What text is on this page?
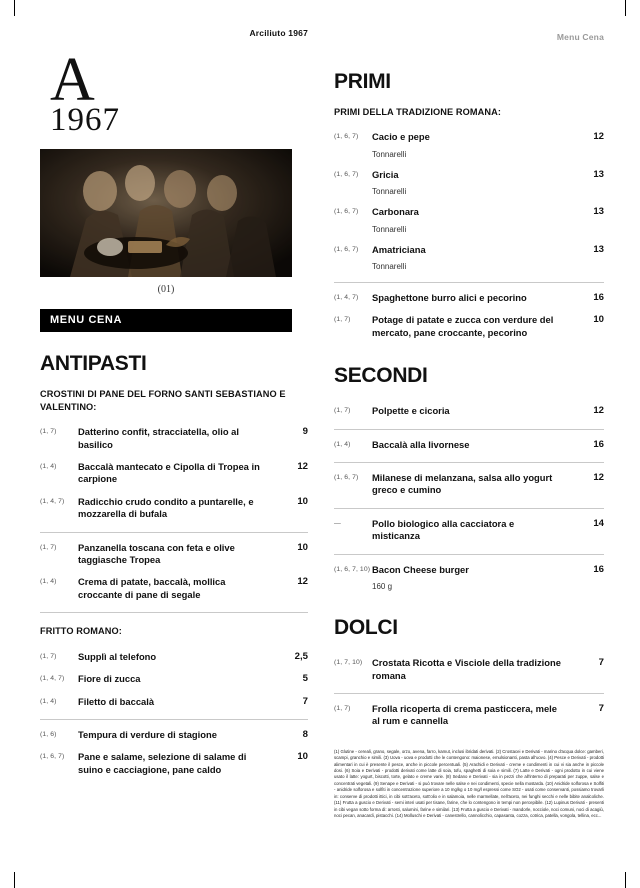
Arciliuto 1967
A
1967
(01)
MENU CENA
ANTIPASTI
CROSTINI DI PANE DEL FORNO SANTI SEBASTIANO E VALENTINO:
(1, 7)	Datterino confit, stracciatella, olio al basilico
9
(1, 4)	Baccalà mantecato e Cipolla di Tropea in carpione
12
(1, 4, 7)	Radicchio crudo condito a puntarelle, e mozzarella di bufala
10
(1, 7)	Panzanella toscana con feta e olive taggiasche Tropea
10
(1, 4)	Crema di patate, baccalà, mollica croccante di pane di segale
12
FRITTO ROMANO:
(1, 7)	Supplì al telefono	2,5
(1, 4, 7)	Fiore di zucca	5
(1, 4)	Filetto di baccalà	7
(1, 6)	Tempura di verdure di stagione	8
(1, 6, 7)	Pane e salame, selezione di salame di suino e cacciagione, pane caldo
10
Menu Cena
PRIMI
PRIMI DELLA TRADIZIONE ROMANA:
(1, 6, 7)	Cacio e pepe	12
Tonnarelli
(1, 6, 7)	Gricia	13
Tonnarelli
(1, 6, 7)	Carbonara	13
Tonnarelli
(1, 6, 7)	Amatriciana	13
Tonnarelli
(1, 4, 7)	Spaghettone burro alici e pecorino	16
(1, 7)	Potage di patate e zucca con verdure del mercato, pane croccante, pecorino
10
SECONDI
(1, 7)	Polpette e cicoria	12
(1, 4)	Baccalà alla livornese	16
(1, 6, 7)	Milanese di melanzana, salsa allo yogurt greco e cumino
12
—	Pollo biologico alla cacciatora e misticanza
14
(1, 6, 7, 10) Bacon Cheese burger	16
160 g
DOLCI
(1, 7, 10)	Crostata Ricotta e Visciole della tradizione romana
7
(1, 7)	Frolla ricoperta di crema pasticcera, mele al rum e cannella
7
(1) Glutine - cereali, grano, segale, orzo, avena, farro, kamut, inclusi ibridati derivati. (2) Crostacei e Derivati - marino d'acqua dolce: gamberi, scampi, granchio e simili. (3) Uova - uova e prodotti che le contengono: maionese, emulsionanti, pasta all'uovo. (4) Pesce e Derivati - prodotti alimentari in cui è presente il pesce, anche in piccole percentuali. (5) Arachidi e Derivati - creme e condimenti in cui vi sia anche in piccole dosi. (6) Soia e Derivati - prodotti derivati come latte di soia, tofu, spaghetti di soia e simili. (7) Latte e Derivati - ogni prodotto in cui viene usato il latte: yogurt, biscotti, torte, gelato e creme varie. (8) Sedano e Derivati - sia in pezzi che all'interno di preparati per zuppe, salse e concentrati vegetali. (9) Senape e Derivati - si può trovare nelle salse e nei condimenti, specie nella mostarda. (10) Anidride solforosa e Solfiti - anidride solforosa e solfiti in concentrazione superiore a 10 mg/kg o 10 mg/l espressi come SO2 - usati come conservanti, possiamo trovarli in: conserve di prodotti ittici, in cibi sott'aceto, sott'olio e in salamoia, nelle marmellate, nell'aceto, nei funghi secchi e nelle bibite analcoliche. (11) Frutta a guscio e Derivati - semi interi usati per tisane, farine, che lo contengono in tempi non percepibile. (12) Lupinus Derivati - presenti in cibi vegan sotto forma di: arrosti, salumini, farine e similari. (13) Frutta a guscio e Derivati - mandorle, nocciole, noci comuni, noci di acagiù, noci pecan, anacardi, pistacchi. (14) Molluschi e Derivati - canestrello, cannolicchio, capasanta, cozza, cotrica, patella, vongola, tellina, ecc...
